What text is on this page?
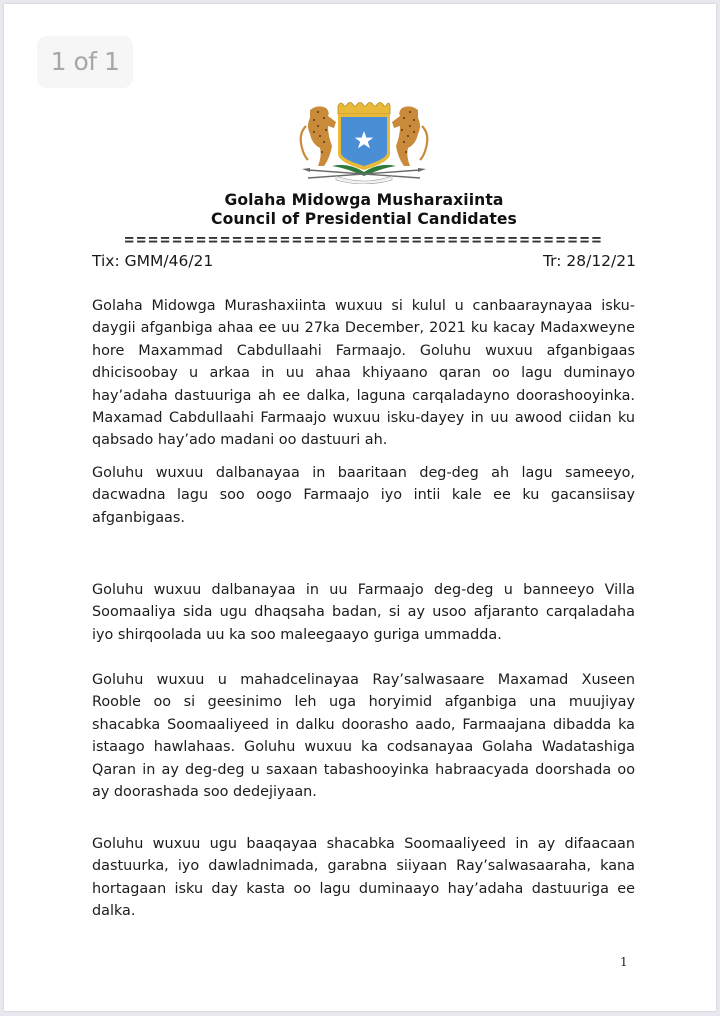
1 of 1
Golaha Midowga Musharaxiinta
Council of Presidential Candidates
========================================
Tix: GMM/46/21	Tr: 28/12/21
Golaha Midowga Murashaxiinta wuxuu si kulul u canbaaraynayaa isku-daygii afganbiga ahaa ee uu 27ka December, 2021 ku kacay Madaxweyne hore Maxammad Cabdullaahi Farmaajo. Goluhu wuxuu afganbigaas dhicisoobay u arkaa in uu ahaa khiyaano qaran oo lagu duminayo hay’adaha dastuuriga ah ee dalka, laguna carqaladayno doorashooyinka. Maxamad Cabdullaahi Farmaajo wuxuu isku-dayey in uu awood ciidan ku qabsado hay’ado madani oo dastuuri ah.
Goluhu wuxuu dalbanayaa in baaritaan deg-deg ah lagu sameeyo, dacwadna lagu soo oogo Farmaajo iyo intii kale ee ku gacansiisay afganbigaas.
Goluhu wuxuu dalbanayaa in uu Farmaajo deg-deg u banneeyo Villa Soomaaliya sida ugu dhaqsaha badan, si ay usoo afjaranto carqaladaha iyo shirqoolada uu ka soo maleegaayo guriga ummadda.
Goluhu wuxuu u mahadcelinayaa Ray’salwasaare Maxamad Xuseen Rooble oo si geesinimo leh uga horyimid afganbiga una muujiyay shacabka Soomaaliyeed in dalku doorasho aado, Farmaajana dibadda ka istaago hawlahaas. Goluhu wuxuu ka codsanayaa Golaha Wadatashiga Qaran in ay deg-deg u saxaan tabashooyinka habraacyada doorshada oo ay doorashada soo dedejiyaan.
Goluhu wuxuu ugu baaqayaa shacabka Soomaaliyeed in ay difaacaan dastuurka, iyo dawladnimada, garabna siiyaan Ray’salwasaaraha, kana hortagaan isku day kasta oo lagu duminaayo hay’adaha dastuuriga ee dalka.
1
